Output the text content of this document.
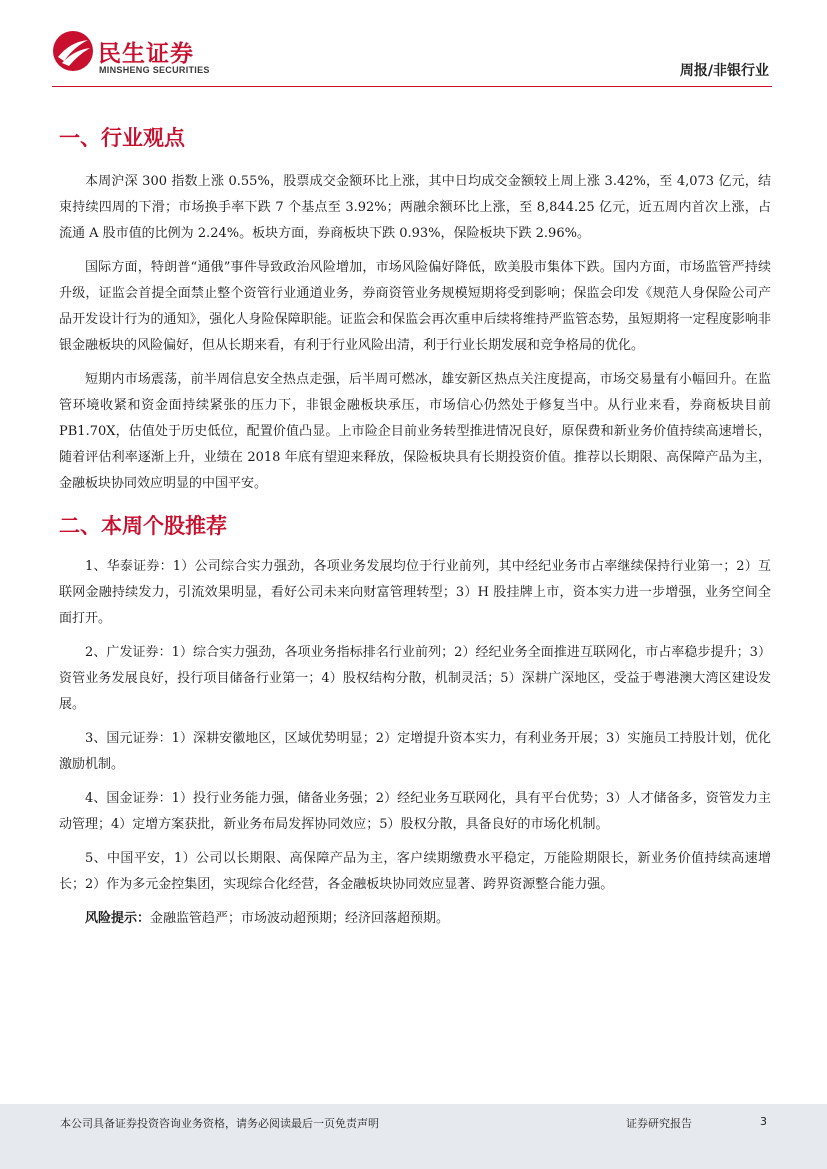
民生证券
MINSHENG SECURITIES	周报/非银行业
一、行业观点

本周沪深 300 指数上涨 0.55%，股票成交金额环比上涨，其中日均成交金额较上周上涨 3.42%，至 4,073 亿元，结束持续四周的下滑；市场换手率下跌 7 个基点至 3.92%；两融余额环比上涨，至 8,844.25 亿元，近五周内首次上涨，占流通 A 股市值的比例为 2.24%。板块方面，券商板块下跌 0.93%，保险板块下跌 2.96%。

国际方面，特朗普“通俄”事件导致政治风险增加，市场风险偏好降低，欧美股市集体下跌。国内方面，市场监管严持续升级，证监会首提全面禁止整个资管行业通道业务，券商资管业务规模短期将受到影响；保监会印发《规范人身保险公司产品开发设计行为的通知》，强化人身险保障职能。证监会和保监会再次重申后续将维持严监管态势，虽短期将一定程度影响非银金融板块的风险偏好，但从长期来看，有利于行业风险出清，利于行业长期发展和竞争格局的优化。

短期内市场震荡，前半周信息安全热点走强，后半周可燃冰，雄安新区热点关注度提高，市场交易量有小幅回升。在监管环境收紧和资金面持续紧张的压力下，非银金融板块承压，市场信心仍然处于修复当中。从行业来看，券商板块目前 PB1.70X，估值处于历史低位，配置价值凸显。上市险企目前业务转型推进情况良好，原保费和新业务价值持续高速增长，随着评估利率逐渐上升，业绩在 2018 年底有望迎来释放，保险板块具有长期投资价值。推荐以长期限、高保障产品为主，金融板块协同效应明显的中国平安。

二、本周个股推荐

1、华泰证券：1）公司综合实力强劲，各项业务发展均位于行业前列，其中经纪业务市占率继续保持行业第一；2）互联网金融持续发力，引流效果明显，看好公司未来向财富管理转型；3）H 股挂牌上市，资本实力进一步增强，业务空间全面打开。

2、广发证券：1）综合实力强劲，各项业务指标排名行业前列；2）经纪业务全面推进互联网化，市占率稳步提升；3）资管业务发展良好，投行项目储备行业第一；4）股权结构分散，机制灵活；5）深耕广深地区，受益于粤港澳大湾区建设发展。

3、国元证券：1）深耕安徽地区，区域优势明显；2）定增提升资本实力，有利业务开展；3）实施员工持股计划，优化激励机制。

4、国金证券：1）投行业务能力强，储备业务强；2）经纪业务互联网化，具有平台优势；3）人才储备多，资管发力主动管理；4）定增方案获批，新业务布局发挥协同效应；5）股权分散，具备良好的市场化机制。

5、中国平安，1）公司以长期限、高保障产品为主，客户续期缴费水平稳定，万能险期限长，新业务价值持续高速增长；2）作为多元金控集团，实现综合化经营，各金融板块协同效应显著、跨界资源整合能力强。

风险提示：金融监管趋严；市场波动超预期；经济回落超预期。

本公司具备证券投资咨询业务资格，请务必阅读最后一页免责声明	证券研究报告	3
